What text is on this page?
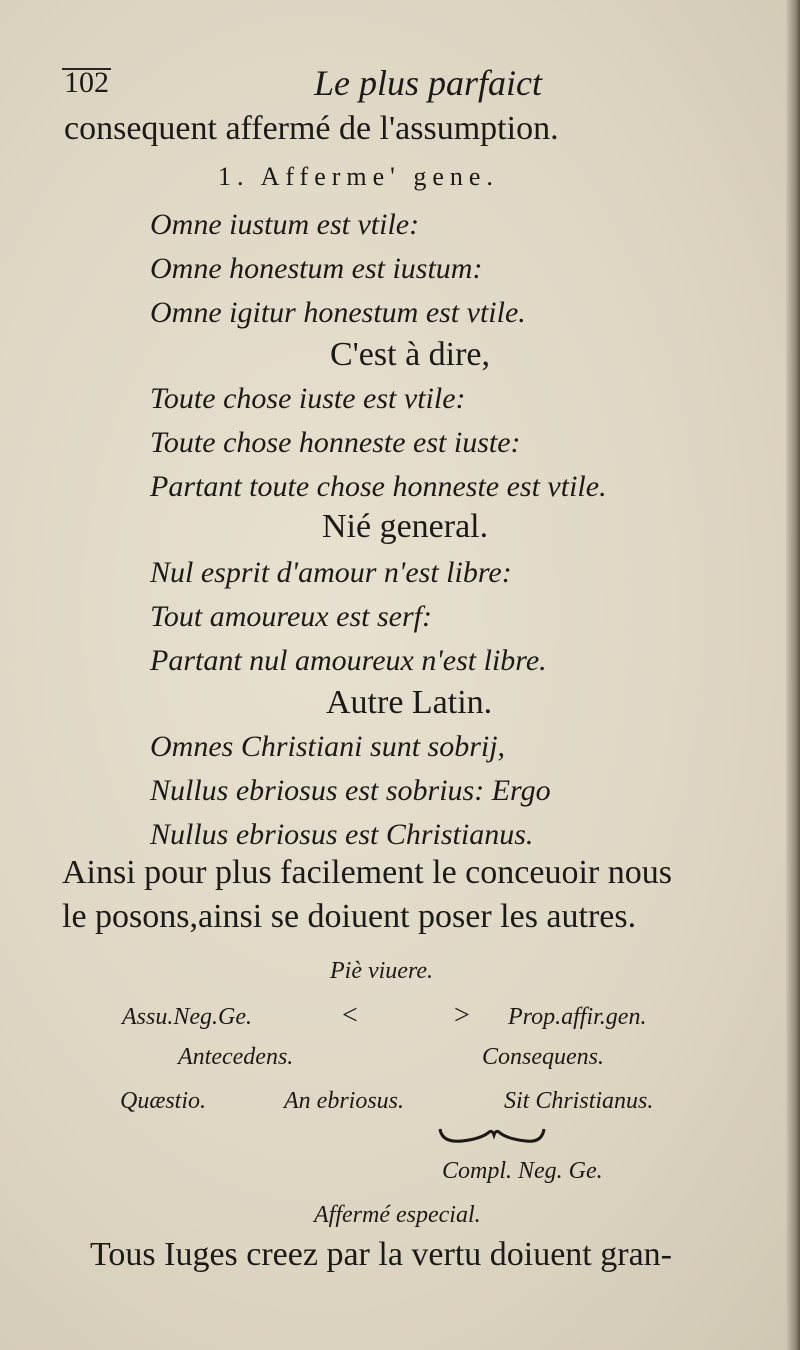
102	Le plus parfaict
consequent affermé de l'assumption.
1. Afferme' gene.
Omne iustum est vtile:
Omne honestum est iustum:
Omne igitur honestum est vtile.
C'est à dire,
Toute chose iuste est vtile:
Toute chose honneste est iuste:
Partant toute chose honneste est vtile.
Nié general.
Nul esprit d'amour n'est libre:
Tout amoureux est serf:
Partant nul amoureux n'est libre.
Autre Latin.
Omnes Christiani sunt sobrij,
Nullus ebriosus est sobrius: Ergo
Nullus ebriosus est Christianus.
Ainsi pour plus facilement le conceuoir nous
le posons,ainsi se doiuent poser les autres.
Piè viuere.
Assu.Neg.Ge.	<	> Prop.affir.gen.
Antecedens.	Consequens.
Quæstio.	An ebriosus.	Sit Christianus.
Compl. Neg. Ge.
Affermé especial.
Tous Iuges creez par la vertu doiuent gran-
